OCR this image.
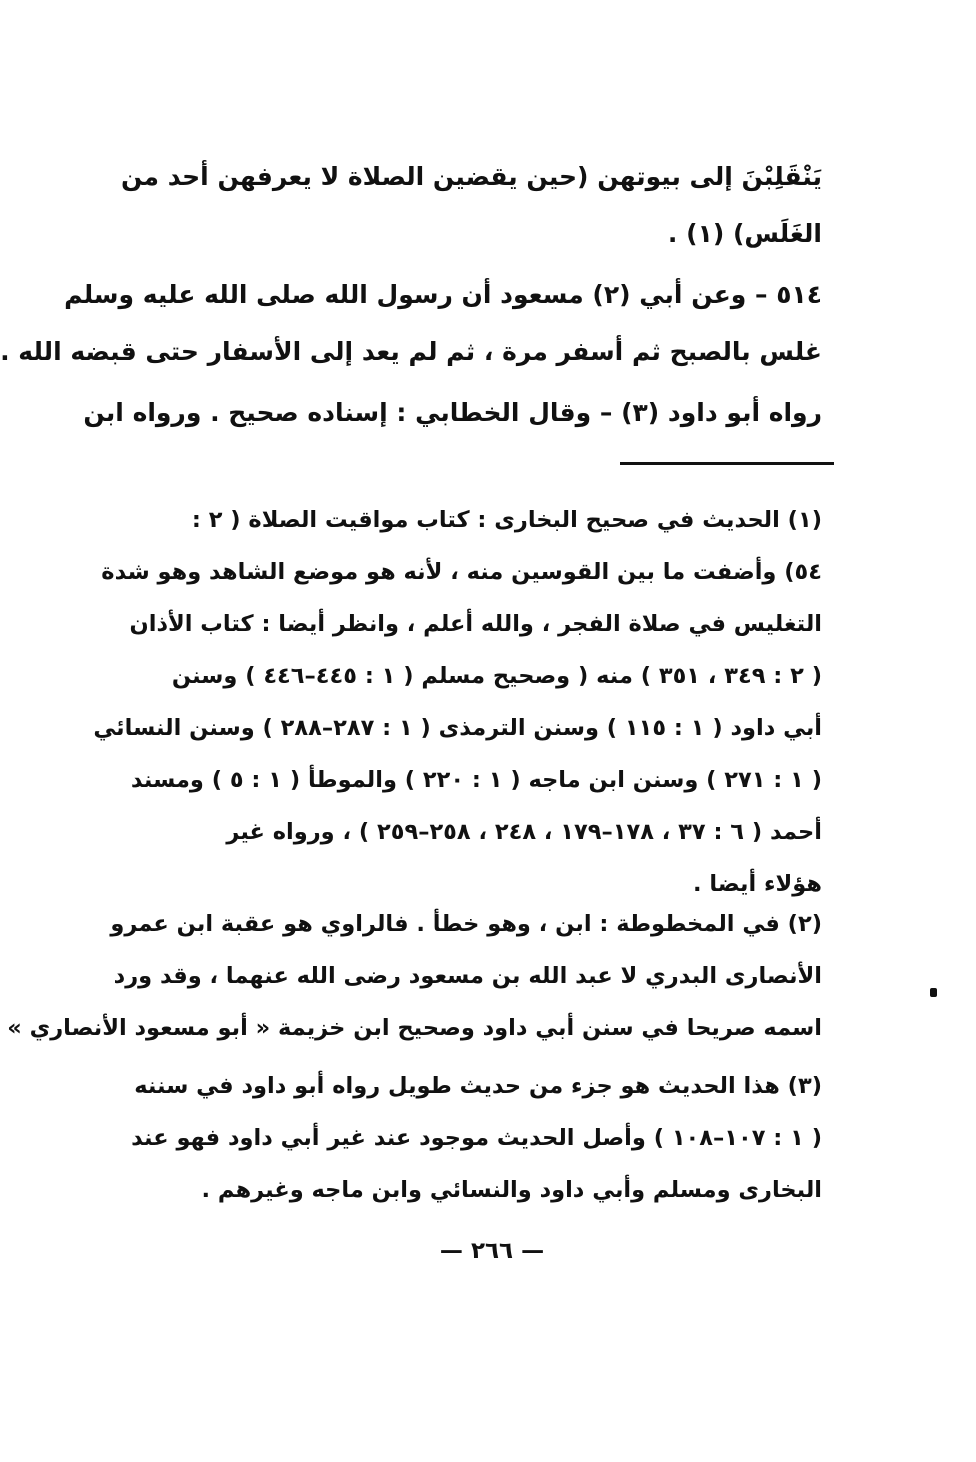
يَنْقَلِبْنَ إلى بيوتهن (حين يقضين الصلاة لا يعرفهن أحد من
الغَلَس) (١) .
٥١٤ – وعن أبي (٢) مسعود أن رسول الله صلى الله عليه وسلم
غلس بالصبح ثم أسفر مرة ، ثم لم يعد إلى الأسفار حتى قبضه الله .
رواه أبو داود (٣) – وقال الخطابي : إسناده صحيح . ورواه ابن
(١) الحديث في صحيح البخارى : كتاب مواقيت الصلاة ( ٢ :
٥٤) وأضفت ما بين القوسين منه ، لأنه هو موضع الشاهد وهو شدة
التغليس في صلاة الفجر ، والله أعلم ، وانظر أيضا : كتاب الأذان
( ٢ : ٣٤٩ ، ٣٥١ ) منه ( وصحيح مسلم ( ١ : ٤٤٥–٤٤٦ ) وسنن
أبي داود ( ١ : ١١٥ ) وسنن الترمذى ( ١ : ٢٨٧–٢٨٨ ) وسنن النسائي
( ١ : ٢٧١ ) وسنن ابن ماجه ( ١ : ٢٢٠ ) والموطأ ( ١ : ٥ ) ومسند
أحمد ( ٦ : ٣٧ ، ١٧٨–١٧٩ ، ٢٤٨ ، ٢٥٨–٢٥٩ ) ، ورواه غير
هؤلاء أيضا .
(٢) في المخطوطة : ابن ، وهو خطأ . فالراوي هو عقبة ابن عمرو
الأنصارى البدري لا عبد الله بن مسعود رضى الله عنهما ، وقد ورد
اسمه صريحا في سنن أبي داود وصحيح ابن خزيمة « أبو مسعود الأنصاري »
(٣) هذا الحديث هو جزء من حديث طويل رواه أبو داود في سننه
( ١ : ١٠٧–١٠٨ ) وأصل الحديث موجود عند غير أبي داود فهو عند
البخارى ومسلم وأبي داود والنسائي وابن ماجه وغيرهم .
— ٢٦٦ —
